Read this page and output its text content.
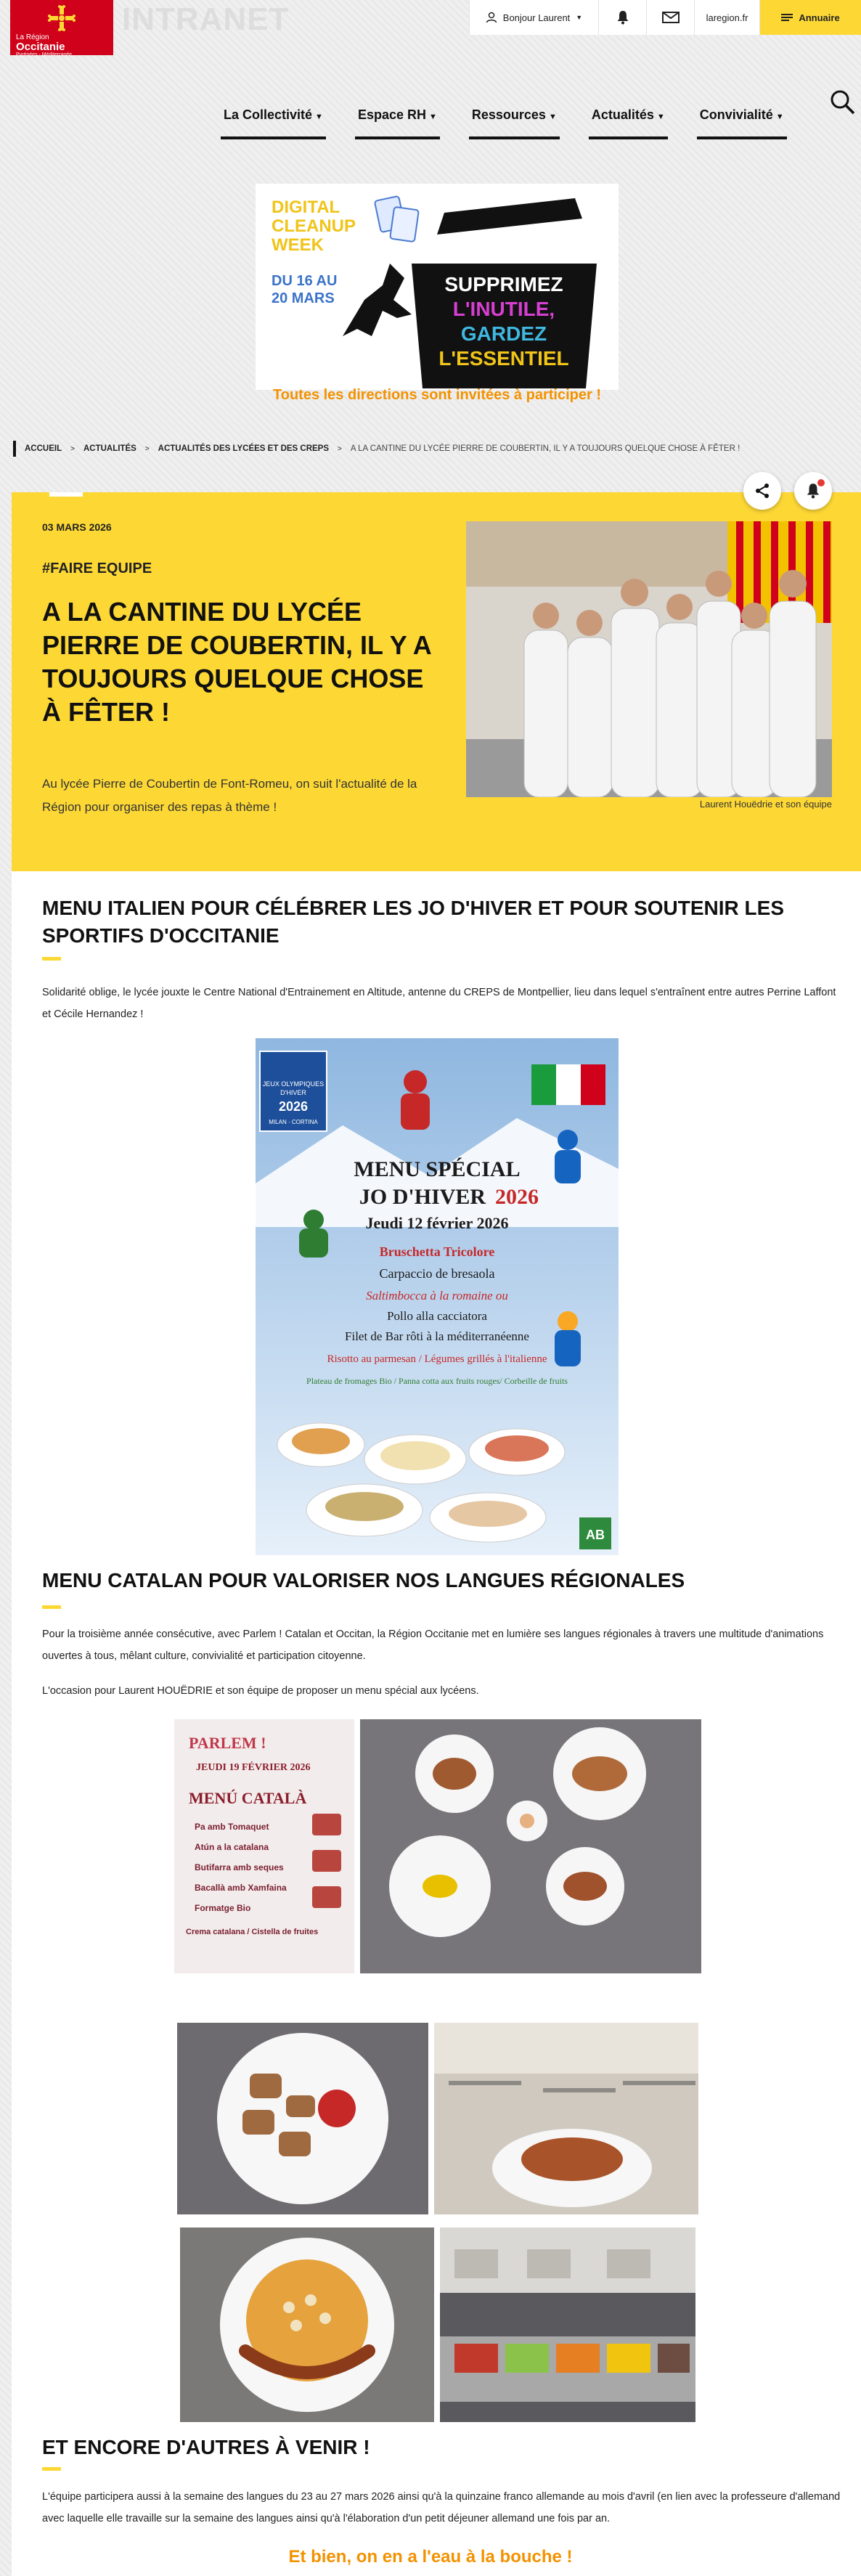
La Région
Occitanie
Pyrénées - Méditerranée
INTRANET	Bonjour Laurent ▼	laregion.fr	Annuaire
La Collectivité ▼	Espace RH ▼	Ressources ▼	Actualités ▼	Convivialité ▼
DIGITAL
CLEANUP
WEEK
DU 16 AU
20 MARS
SUPPRIMEZ
L'INUTILE,
GARDEZ
L'ESSENTIEL
Toutes les directions sont invitées à participer !
ACCUEIL > ACTUALITÉS > ACTUALITÉS DES LYCÉES ET DES CREPS > A LA CANTINE DU LYCÉE PIERRE DE COUBERTIN, IL Y A TOUJOURS QUELQUE CHOSE À FÊTER !
03 MARS 2026
#FAIRE EQUIPE
A LA CANTINE DU LYCÉE PIERRE DE COUBERTIN, IL Y A TOUJOURS QUELQUE CHOSE À FÊTER !
Au lycée Pierre de Coubertin de Font-Romeu, on suit l'actualité de la Région pour organiser des repas à thème !	Laurent Houëdrie et son équipe
MENU ITALIEN POUR CÉLÉBRER LES JO D'HIVER ET POUR SOUTENIR LES SPORTIFS D'OCCITANIE
Solidarité oblige, le lycée jouxte le Centre National d'Entrainement en Altitude, antenne du CREPS de Montpellier, lieu dans lequel s'entraînent entre autres Perrine Laffont et Cécile Hernandez !
JEUX OLYMPIQUES
D'HIVER
2026
MILAN · CORTINA
MENU SPÉCIAL
JO D'HIVER 2026
Jeudi 12 février 2026
Bruschetta Tricolore
Carpaccio de bresaola
Saltimbocca à la romaine ou
Pollo alla cacciatora
Filet de Bar rôti à la méditerranéenne
Risotto au parmesan / Légumes grillés à l'italienne
Plateau de fromages Bio / Panna cotta aux fruits rouges/ Corbeille de fruits
AB
MENU CATALAN POUR VALORISER NOS LANGUES RÉGIONALES
Pour la troisième année consécutive, avec Parlem ! Catalan et Occitan, la Région Occitanie met en lumière ses langues régionales à travers une multitude d'animations ouvertes à tous, mêlant culture, convivialité et participation citoyenne.
L'occasion pour Laurent HOUËDRIE et son équipe de proposer un menu spécial aux lycéens.
PARLEM !
JEUDI 19 FÉVRIER 2026
MENÚ CATALÀ
Pa amb Tomaquet
Atún a la catalana
Butifarra amb seques
Bacallà amb Xamfaina
Formatge Bio
Crema catalana / Cistella de fruites
ET ENCORE D'AUTRES À VENIR !
L'équipe participera aussi à la semaine des langues du 23 au 27 mars 2026 ainsi qu'à la quinzaine franco allemande au mois d'avril (en lien avec la professeure d'allemand avec laquelle elle travaille sur la semaine des langues ainsi qu'à l'élaboration d'un petit déjeuner allemand une fois par an.
Et bien, on en a l'eau à la bouche !
